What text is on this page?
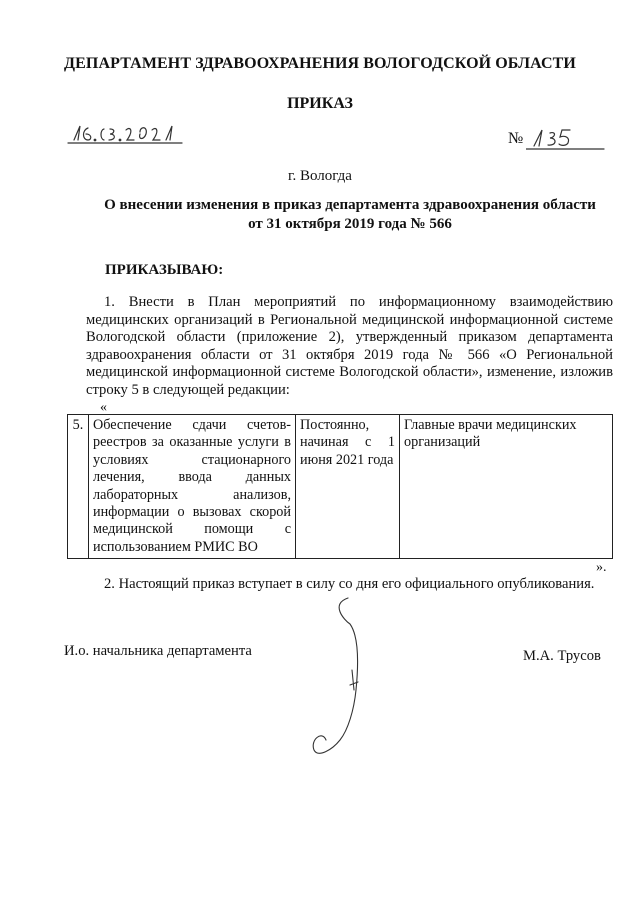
ДЕПАРТАМЕНТ ЗДРАВООХРАНЕНИЯ ВОЛОГОДСКОЙ ОБЛАСТИ
ПРИКАЗ
№
г. Вологда
О внесении изменения в приказ департамента здравоохранения области
от 31 октября 2019 года № 566
ПРИКАЗЫВАЮ:
1. Внести в План мероприятий по информационному взаимодействию медицинских организаций в Региональной медицинской информационной системе Вологодской области (приложение 2), утвержденный приказом департамента здравоохранения области от 31 октября 2019 года № 566 «О Региональной медицинской информационной системе Вологодской области», изменение, изложив строку 5 в следующей редакции:
«
5.	Обеспечение сдачи счетов-реестров за оказанные услуги в условиях стационарного лечения, ввода данных лабораторных анализов, информации о вызовах скорой медицинской помощи с использованием РМИС ВО	Постоянно, начиная с 1 июня 2021 года	Главные врачи медицинских организаций
».
2. Настоящий приказ вступает в силу со дня его официального опубликования.
И.о. начальника департамента	М.А. Трусов
